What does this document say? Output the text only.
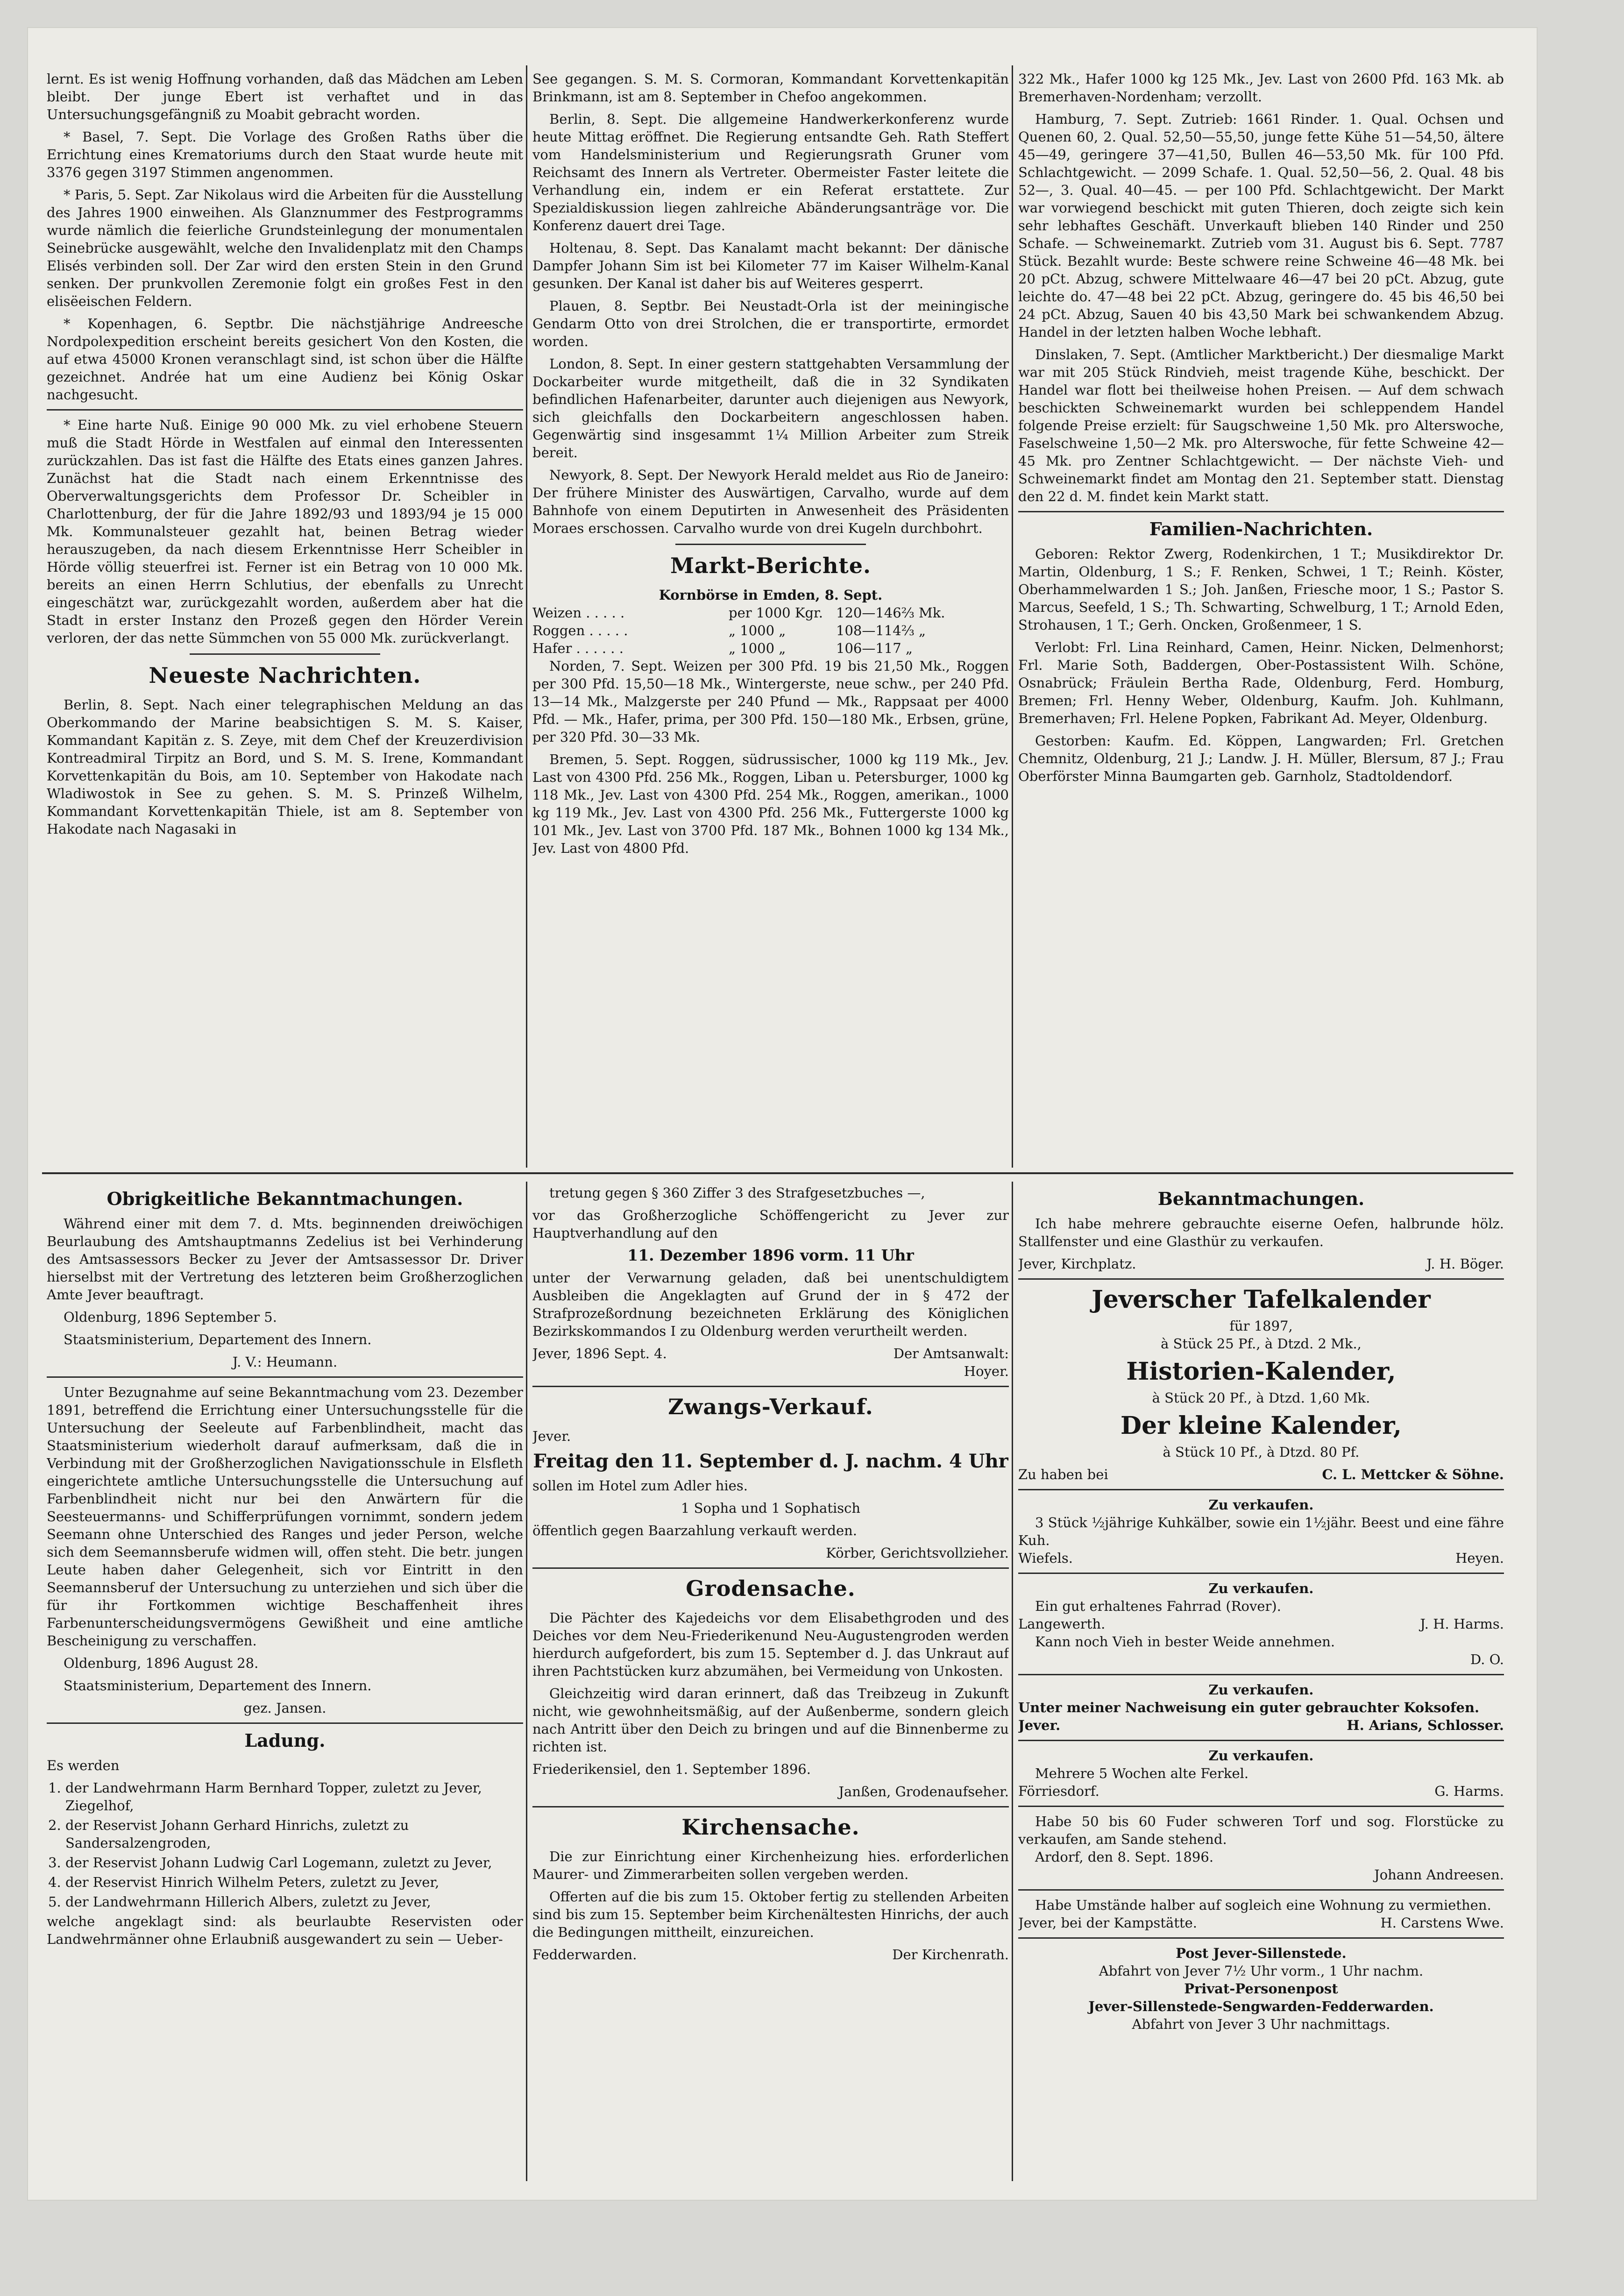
lernt. Es ist wenig Hoffnung vorhanden, daß das Mädchen am Leben bleibt. Der junge Ebert ist verhaftet und in das Untersuchungsgefängniß zu Moabit gebracht worden.

* Basel, 7. Sept. Die Vorlage des Großen Raths über die Errichtung eines Krematoriums durch den Staat wurde heute mit 3376 gegen 3197 Stimmen angenommen.

* Paris, 5. Sept. Zar Nikolaus wird die Arbeiten für die Ausstellung des Jahres 1900 einweihen. Als Glanznummer des Festprogramms wurde nämlich die feierliche Grundsteinlegung der monumentalen Seinebrücke ausgewählt, welche den Invalidenplatz mit den Champs Elisés verbinden soll. Der Zar wird den ersten Stein in den Grund senken. Der prunkvollen Zeremonie folgt ein großes Fest in den elisëeischen Feldern.

* Kopenhagen, 6. Septbr. Die nächstjährige Andreesche Nordpolexpedition erscheint bereits gesichert Von den Kosten, die auf etwa 45000 Kronen veranschlagt sind, ist schon über die Hälfte gezeichnet. Andrée hat um eine Audienz bei König Oskar nachgesucht.

* Eine harte Nuß. Einige 90 000 Mk. zu viel erhobene Steuern muß die Stadt Hörde in Westfalen auf einmal den Interessenten zurückzahlen. Das ist fast die Hälfte des Etats eines ganzen Jahres. Zunächst hat die Stadt nach einem Erkenntnisse des Oberverwaltungsgerichts dem Professor Dr. Scheibler in Charlottenburg, der für die Jahre 1892/93 und 1893/94 je 15 000 Mk. Kommunalsteuer gezahlt hat, beinen Betrag wieder herauszugeben, da nach diesem Erkenntnisse Herr Scheibler in Hörde völlig steuerfrei ist. Ferner ist ein Betrag von 10 000 Mk. bereits an einen Herrn Schlutius, der ebenfalls zu Unrecht eingeschätzt war, zurückgezahlt worden, außerdem aber hat die Stadt in erster Instanz den Prozeß gegen den Hörder Verein verloren, der das nette Sümmchen von 55 000 Mk. zurückverlangt.

Neueste Nachrichten.

Berlin, 8. Sept. Nach einer telegraphischen Meldung an das Oberkommando der Marine beabsichtigen S. M. S. Kaiser, Kommandant Kapitän z. S. Zeye, mit dem Chef der Kreuzerdivision Kontreadmiral Tirpitz an Bord, und S. M. S. Irene, Kommandant Korvettenkapitän du Bois, am 10. September von Hakodate nach Wladiwostok in See zu gehen. S. M. S. Prinzeß Wilhelm, Kommandant Korvettenkapitän Thiele, ist am 8. September von Hakodate nach Nagasaki in

See gegangen. S. M. S. Cormoran, Kommandant Korvettenkapitän Brinkmann, ist am 8. September in Chefoo angekommen.

Berlin, 8. Sept. Die allgemeine Handwerkerkonferenz wurde heute Mittag eröffnet. Die Regierung entsandte Geh. Rath Steffert vom Handelsministerium und Regierungsrath Gruner vom Reichsamt des Innern als Vertreter. Obermeister Faster leitete die Verhandlung ein, indem er ein Referat erstattete. Zur Spezialdiskussion liegen zahlreiche Abänderungsanträge vor. Die Konferenz dauert drei Tage.

Holtenau, 8. Sept. Das Kanalamt macht bekannt: Der dänische Dampfer Johann Sim ist bei Kilometer 77 im Kaiser Wilhelm-Kanal gesunken. Der Kanal ist daher bis auf Weiteres gesperrt.

Plauen, 8. Septbr. Bei Neustadt-Orla ist der meiningische Gendarm Otto von drei Strolchen, die er transportirte, ermordet worden.

London, 8. Sept. In einer gestern stattgehabten Versammlung der Dockarbeiter wurde mitgetheilt, daß die in 32 Syndikaten befindlichen Hafenarbeiter, darunter auch diejenigen aus Newyork, sich gleichfalls den Dockarbeitern angeschlossen haben. Gegenwärtig sind insgesammt 1¼ Million Arbeiter zum Streik bereit.

Newyork, 8. Sept. Der Newyork Herald meldet aus Rio de Janeiro: Der frühere Minister des Auswärtigen, Carvalho, wurde auf dem Bahnhofe von einem Deputirten in Anwesenheit des Präsidenten Moraes erschossen. Carvalho wurde von drei Kugeln durchbohrt.

Markt-Berichte.
Kornbörse in Emden, 8. Sept.
Weizen . . . . .	per 1000 Kgr. 120—146⅔ Mk.
Roggen . . . . .	„ 1000 „	108—114⅔ „
Hafer . . . . . .	„ 1000 „	106—117 „

Norden, 7. Sept. Weizen per 300 Pfd. 19 bis 21,50 Mk., Roggen per 300 Pfd. 15,50—18 Mk., Wintergerste, neue schw., per 240 Pfd. 13—14 Mk., Malzgerste per 240 Pfund — Mk., Rappsaat per 4000 Pfd. — Mk., Hafer, prima, per 300 Pfd. 150—180 Mk., Erbsen, grüne, per 320 Pfd. 30—33 Mk.

Bremen, 5. Sept. Roggen, südrussischer, 1000 kg 119 Mk., Jev. Last von 4300 Pfd. 256 Mk., Roggen, Liban u. Petersburger, 1000 kg 118 Mk., Jev. Last von 4300 Pfd. 254 Mk., Roggen, amerikan., 1000 kg 119 Mk., Jev. Last von 4300 Pfd. 256 Mk., Futtergerste 1000 kg 101 Mk., Jev. Last von 3700 Pfd. 187 Mk., Bohnen 1000 kg 134 Mk., Jev. Last von 4800 Pfd.

322 Mk., Hafer 1000 kg 125 Mk., Jev. Last von 2600 Pfd. 163 Mk. ab Bremerhaven-Nordenham; verzollt.

Hamburg, 7. Sept. Zutrieb: 1661 Rinder. 1. Qual. Ochsen und Quenen 60, 2. Qual. 52,50—55,50, junge fette Kühe 51—54,50, ältere 45—49, geringere 37—41,50, Bullen 46—53,50 Mk. für 100 Pfd. Schlachtgewicht. — 2099 Schafe. 1. Qual. 52,50—56, 2. Qual. 48 bis 52—, 3. Qual. 40—45. — per 100 Pfd. Schlachtgewicht. Der Markt war vorwiegend beschickt mit guten Thieren, doch zeigte sich kein sehr lebhaftes Geschäft. Unverkauft blieben 140 Rinder und 250 Schafe. — Schweinemarkt. Zutrieb vom 31. August bis 6. Sept. 7787 Stück. Bezahlt wurde: Beste schwere reine Schweine 46—48 Mk. bei 20 pCt. Abzug, schwere Mittelwaare 46—47 bei 20 pCt. Abzug, gute leichte do. 47—48 bei 22 pCt. Abzug, geringere do. 45 bis 46,50 bei 24 pCt. Abzug, Sauen 40 bis 43,50 Mark bei schwankendem Abzug. Handel in der letzten halben Woche lebhaft.

Dinslaken, 7. Sept. (Amtlicher Marktbericht.) Der diesmalige Markt war mit 205 Stück Rindvieh, meist tragende Kühe, beschickt. Der Handel war flott bei theilweise hohen Preisen. — Auf dem schwach beschickten Schweinemarkt wurden bei schleppendem Handel folgende Preise erzielt: für Saugschweine 1,50 Mk. pro Alterswoche, Faselschweine 1,50—2 Mk. pro Alterswoche, für fette Schweine 42—45 Mk. pro Zentner Schlachtgewicht. — Der nächste Vieh- und Schweinemarkt findet am Montag den 21. September statt. Dienstag den 22 d. M. findet kein Markt statt.

Familien-Nachrichten.

Geboren: Rektor Zwerg, Rodenkirchen, 1 T.; Musikdirektor Dr. Martin, Oldenburg, 1 S.; F. Renken, Schwei, 1 T.; Reinh. Köster, Oberhammelwarden 1 S.; Joh. Janßen, Friesche moor, 1 S.; Pastor S. Marcus, Seefeld, 1 S.; Th. Schwarting, Schwelburg, 1 T.; Arnold Eden, Strohausen, 1 T.; Gerh. Oncken, Großenmeer, 1 S.

Verlobt: Frl. Lina Reinhard, Camen, Heinr. Nicken, Delmenhorst; Frl. Marie Soth, Baddergen, Ober-Postassistent Wilh. Schöne, Osnabrück; Fräulein Bertha Rade, Oldenburg, Ferd. Homburg, Bremen; Frl. Henny Weber, Oldenburg, Kaufm. Joh. Kuhlmann, Bremerhaven; Frl. Helene Popken, Fabrikant Ad. Meyer, Oldenburg.

Gestorben: Kaufm. Ed. Köppen, Langwarden; Frl. Gretchen Chemnitz, Oldenburg, 21 J.; Landw. J. H. Müller, Blersum, 87 J.; Frau Oberförster Minna Baumgarten geb. Garnholz, Stadtoldendorf.

Obrigkeitliche Bekanntmachungen.

Während einer mit dem 7. d. Mts. beginnenden dreiwöchigen Beurlaubung des Amtshauptmanns Zedelius ist bei Verhinderung des Amtsassessors Becker zu Jever der Amtsassessor Dr. Driver hierselbst mit der Vertretung des letzteren beim Großherzoglichen Amte Jever beauftragt.

Oldenburg, 1896 September 5.

Staatsministerium, Departement des Innern.

J. V.: Heumann.

Unter Bezugnahme auf seine Bekanntmachung vom 23. Dezember 1891, betreffend die Errichtung einer Untersuchungsstelle für die Untersuchung der Seeleute auf Farbenblindheit, macht das Staatsministerium wiederholt darauf aufmerksam, daß die in Verbindung mit der Großherzoglichen Navigationsschule in Elsfleth eingerichtete amtliche Untersuchungsstelle die Untersuchung auf Farbenblindheit nicht nur bei den Anwärtern für die Seesteuermanns- und Schifferprüfungen vornimmt, sondern jedem Seemann ohne Unterschied des Ranges und jeder Person, welche sich dem Seemannsberufe widmen will, offen steht. Die betr. jungen Leute haben daher Gelegenheit, sich vor Eintritt in den Seemannsberuf der Untersuchung zu unterziehen und sich über die für ihr Fortkommen wichtige Beschaffenheit ihres Farbenunterscheidungsvermögens Gewißheit und eine amtliche Bescheinigung zu verschaffen.

Oldenburg, 1896 August 28.

Staatsministerium, Departement des Innern.

gez. Jansen.

Ladung.

Es werden

1. der Landwehrmann Harm Bernhard Topper, zuletzt zu Jever, Ziegelhof,
2. der Reservist Johann Gerhard Hinrichs, zuletzt zu Sandersalzengroden,
3. der Reservist Johann Ludwig Carl Logemann, zuletzt zu Jever,
4. der Reservist Hinrich Wilhelm Peters, zuletzt zu Jever,
5. der Landwehrmann Hillerich Albers, zuletzt zu Jever,

welche angeklagt sind: als beurlaubte Reservisten oder Landwehrmänner ohne Erlaubniß ausgewandert zu sein — Ueber-

tretung gegen § 360 Ziffer 3 des Strafgesetzbuches —,

vor das Großherzogliche Schöffengericht zu Jever zur Hauptverhandlung auf den

11. Dezember 1896 vorm. 11 Uhr

unter der Verwarnung geladen, daß bei unentschuldigtem Ausbleiben die Angeklagten auf Grund der in § 472 der Strafprozeßordnung bezeichneten Erklärung des Königlichen Bezirkskommandos I zu Oldenburg werden verurtheilt werden.

Jever, 1896 Sept. 4.	Der Amtsanwalt:

Hoyer.

Zwangs-Verkauf.

Jever.

Freitag den 11. September d. J. nachm. 4 Uhr

sollen im Hotel zum Adler hies.

1 Sopha und 1 Sophatisch

öffentlich gegen Baarzahlung verkauft werden.

Körber, Gerichtsvollzieher.

Grodensache.

Die Pächter des Kajedeichs vor dem Elisabethgroden und des Deiches vor dem Neu-Friederikenund Neu-Augustengroden werden hierdurch aufgefordert, bis zum 15. September d. J. das Unkraut auf ihren Pachtstücken kurz abzumähen, bei Vermeidung von Unkosten.

Gleichzeitig wird daran erinnert, daß das Treibzeug in Zukunft nicht, wie gewohnheitsmäßig, auf der Außenberme, sondern gleich nach Antritt über den Deich zu bringen und auf die Binnenberme zu richten ist.

Friederikensiel, den 1. September 1896.

Janßen, Grodenaufseher.

Kirchensache.

Die zur Einrichtung einer Kirchenheizung hies. erforderlichen Maurer- und Zimmerarbeiten sollen vergeben werden.

Offerten auf die bis zum 15. Oktober fertig zu stellenden Arbeiten sind bis zum 15. September beim Kirchenältesten Hinrichs, der auch die Bedingungen mittheilt, einzureichen.

Fedderwarden.	Der Kirchenrath.
Bekanntmachungen.

Ich habe mehrere gebrauchte eiserne Oefen, halbrunde hölz. Stallfenster und eine Glasthür zu verkaufen.

Jever, Kirchplatz.	J. H. Böger.
Jeverscher Tafelkalender

für 1897,

à Stück 25 Pf., à Dtzd. 2 Mk.,

Historien-Kalender,

à Stück 20 Pf., à Dtzd. 1,60 Mk.

Der kleine Kalender,

à Stück 10 Pf., à Dtzd. 80 Pf.

Zu haben bei	C. L. Mettcker & Söhne.
Zu verkaufen.

3 Stück ½jährige Kuhkälber, sowie ein 1½jähr. Beest und eine fähre Kuh.

Wiefels.	Heyen.
Zu verkaufen.

Ein gut erhaltenes Fahrrad (Rover).

Langewerth.	J. H. Harms.

Kann noch Vieh in bester Weide annehmen.

D. O.
Zu verkaufen.

Unter meiner Nachweisung ein guter gebrauchter Koksofen.

Jever.	H. Arians, Schlosser.
Zu verkaufen.

Mehrere 5 Wochen alte Ferkel.

Förriesdorf.	G. Harms.

Habe 50 bis 60 Fuder schweren Torf und sog. Florstücke zu verkaufen, am Sande stehend.

Ardorf, den 8. Sept. 1896.

Johann Andreesen.

Habe Umstände halber auf sogleich eine Wohnung zu vermiethen.

Jever, bei der Kampstätte.	H. Carstens Wwe.
Post Jever-Sillenstede.

Abfahrt von Jever 7½ Uhr vorm., 1 Uhr nachm.

Privat-Personenpost
Jever-Sillenstede-Sengwarden-Fedderwarden.

Abfahrt von Jever 3 Uhr nachmittags.
